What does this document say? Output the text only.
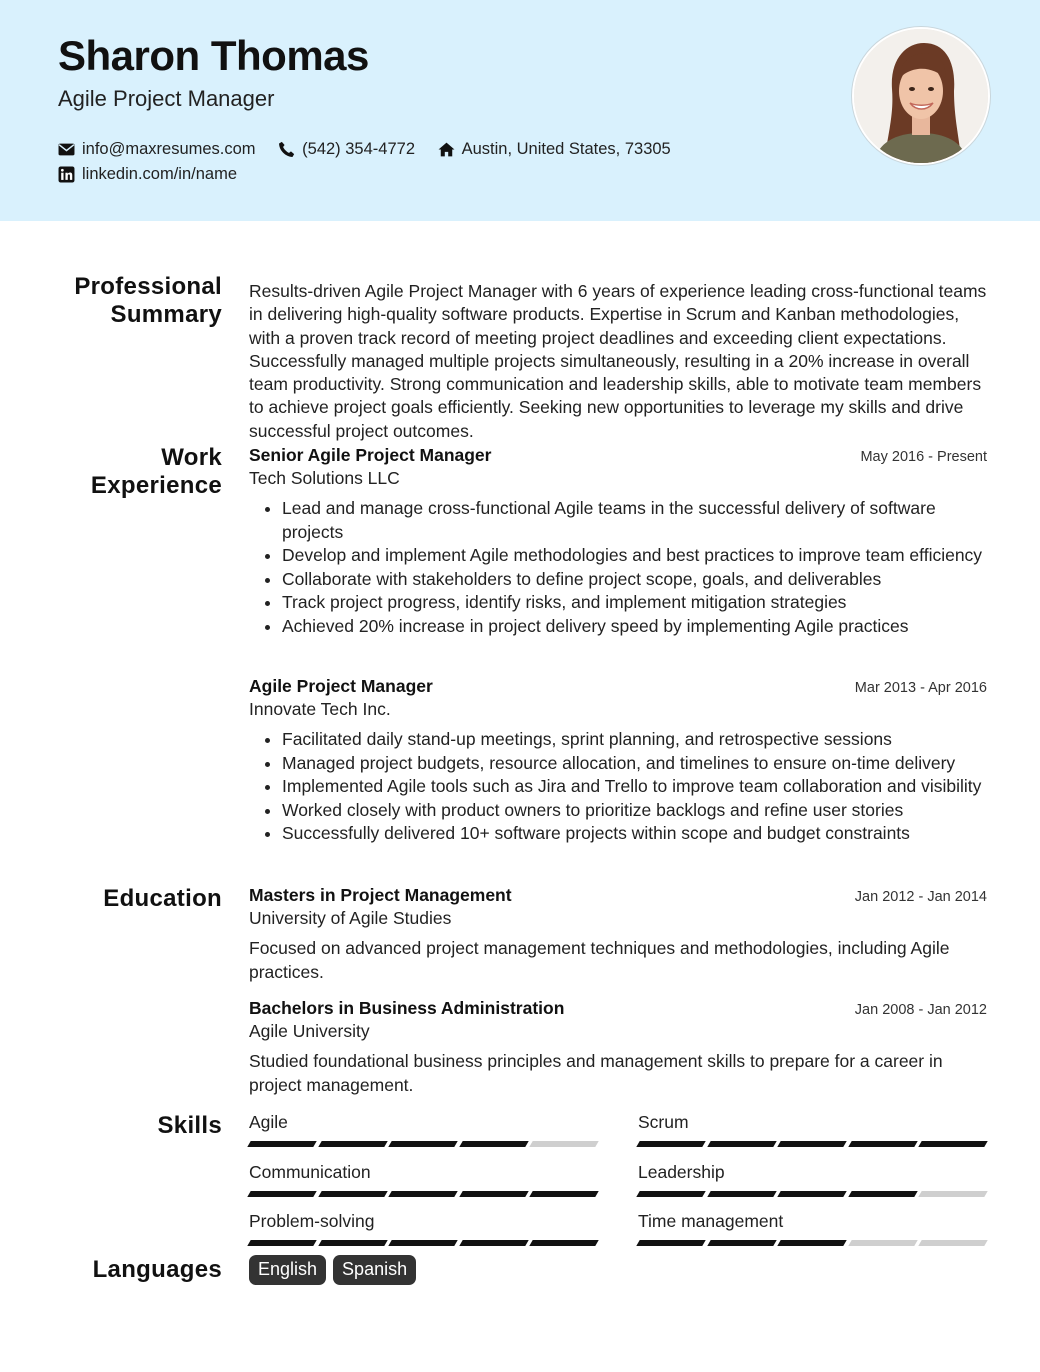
Sharon Thomas
Agile Project Manager
info@maxresumes.com
	(542) 354-4772
	Austin, United States, 73305
linkedin.com/in/name
Professional
Summary

Results-driven Agile Project Manager with 6 years of experience leading cross-functional teams in delivering high-quality software products. Expertise in Scrum and Kanban methodologies, with a proven track record of meeting project deadlines and exceeding client expectations. Successfully managed multiple projects simultaneously, resulting in a 20% increase in overall team productivity. Strong communication and leadership skills, able to motivate team members to achieve project goals efficiently. Seeking new opportunities to leverage my skills and drive successful project outcomes.

Work
Experience
Senior Agile Project Manager	May 2016 - Present
Tech Solutions LLC
• Lead and manage cross-functional Agile teams in the successful delivery of software projects
• Develop and implement Agile methodologies and best practices to improve team efficiency
• Collaborate with stakeholders to define project scope, goals, and deliverables
• Track project progress, identify risks, and implement mitigation strategies
• Achieved 20% increase in project delivery speed by implementing Agile practices
Agile Project Manager	Mar 2013 - Apr 2016
Innovate Tech Inc.
• Facilitated daily stand-up meetings, sprint planning, and retrospective sessions
• Managed project budgets, resource allocation, and timelines to ensure on-time delivery
• Implemented Agile tools such as Jira and Trello to improve team collaboration and visibility
• Worked closely with product owners to prioritize backlogs and refine user stories
• Successfully delivered 10+ software projects within scope and budget constraints
Education Masters in Project Management	Jan 2012 - Jan 2014
University of Agile Studies
Focused on advanced project management techniques and methodologies, including Agile practices.
Bachelors in Business Administration	Jan 2008 - Jan 2012
Agile University
Studied foundational business principles and management skills to prepare for a career in project management.
Skills Agile	Scrum
Communication	Leadership
Problem-solving	Time management
Languages	English	Spanish
